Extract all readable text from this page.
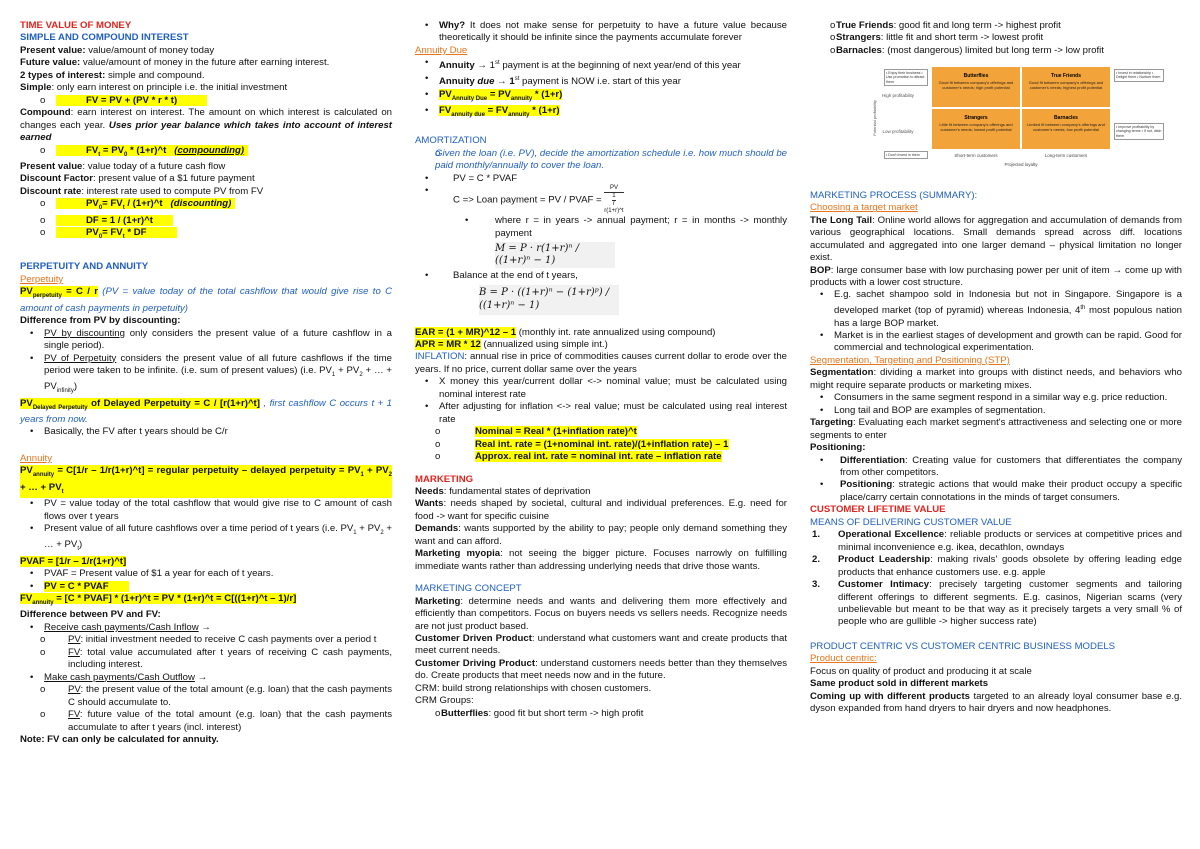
TIME VALUE OF MONEY

SIMPLE AND COMPOUND INTEREST

Present value: value/amount of money today

Future value: value/amount of money in the future after earning interest.

2 types of interest: simple and compound.

Simple: only earn interest on principle i.e. the initial investment

o FV = PV + (PV * r * t)

Compound: earn interest on interest. The amount on which interest is calculated on changes each year. Uses prior year balance which takes into account of interest earned

o $FV_t = PV_0$ * (1+r)^t (compounding)

Present value: value today of a future cash flow

Discount Factor: present value of a $1 future payment

Discount rate: interest rate used to compute PV from FV

o $PV_0= FV_t$ / (1+r)^t (discounting)

o DF = 1 / (1+r)^t

o $PV_0= FV_t$ * DF

PERPETUITY AND ANNUITY

Perpetuity

$PV_{perpetuity} = C / r$ (PV = value today of the total cashflow that would give rise to C amount of cash payments in perpetuity)

Difference from PV by discounting:

• PV by discounting only considers the present value of a future cashflow in a single period).

• PV of Perpetuity considers the present value of all future cashflows if the time period were taken to be infinite. (i.e. sum of present values) (i.e. $PV_1 + PV_2$ + … + $PV_{infinity}$)

$PV_{Delayed Perpetuity}$ of Delayed Perpetuity = C / [r(1+r)^t] , first cashflow C occurs t + 1 years from now.

• Basically, the FV after t years should be C/r

Annuity

$PV_{annuity} = C[1/r$ – 1/r(1+r)^t] = regular perpetuity – delayed perpetuity = $PV_1 + PV_2$ + … + $PV_t$

• PV = value today of the total cashflow that would give rise to C amount of cash flows over t years

• Present value of all future cashflows over a time period of t years (i.e. $PV_1 + PV_2$ + … + $PV_t$)

PVAF = [1/r – 1/r(1+r)^t]

• PVAF = Present value of $1 a year for each of t years.

• PV = C * PVAF

$FV_{annuity} = [C$ * PVAF] * (1+r)^t = PV * (1+r)^t = C[((1+r)^t – 1)/r]

Difference between PV and FV:

• Receive cash payments/Cash Inflow →

o PV: initial investment needed to receive C cash payments over a period t

o FV: total value accumulated after t years of receiving C cash payments, including interest.

• Make cash payments/Cash Outflow →

o PV: the present value of the total amount (e.g. loan) that the cash payments C should accumulate to.

o FV: future value of the total amount (e.g. loan) that the cash payments accumulate to after t years (incl. interest)

Note: FV can only be calculated for annuity.

• Why? It does not make sense for perpetuity to have a future value because theoretically it should be infinite since the payments accumulate forever

Annuity Due

• Annuity → 1st payment is at the beginning of next year/end of this year

• Annuity due → 1st payment is NOW i.e. start of this year

• $PV_{Annuity Due} = PV_{annuity} * (1+r)$

• $FV_{annuity due} = FV_{annuity} * (1+r)$

AMORTIZATION

o Given the loan (i.e. PV), decide the amortization schedule i.e. how much should be paid monthly/annually to cover the loan.

• PV = C * PVAF

• C => Loan payment = PV / PVAF = PV
1
r
r(1+r)^t

• where r = in years -> annual payment; r = in months -> monthly payment

M = P · r(1+r)ⁿ / ((1+r)ⁿ − 1)

• Balance at the end of t years,

B = P · ((1+r)ⁿ − (1+r)ᵖ) / ((1+r)ⁿ − 1)

EAR = (1 + MR)^12 – 1 (monthly int. rate annualized using compound)

APR = MR * 12 (annualized using simple int.)

INFLATION: annual rise in price of commodities causes current dollar to erode over the years. If no price, current dollar same over the years

• X money this year/current dollar <-> nominal value; must be calculated using nominal interest rate

• After adjusting for inflation <-> real value; must be calculated using real interest rate

o Nominal = Real * (1+inflation rate)^t

o Real int. rate = (1+nominal int. rate)/(1+inflation rate) – 1

o Approx. real int. rate = nominal int. rate – inflation rate

MARKETING

Needs: fundamental states of deprivation

Wants: needs shaped by societal, cultural and individual preferences. E.g. need for food -> want for specific cuisine

Demands: wants supported by the ability to pay; people only demand something they want and can afford.

Marketing myopia: not seeing the bigger picture. Focuses narrowly on fulfilling immediate wants rather than addressing underlying needs that drive those wants.

MARKETING CONCEPT

Marketing: determine needs and wants and delivering them more effectively and efficiently than competitors. Focus on buyers needs vs sellers needs. Recognize needs are not just product based.

Customer Driven Product: understand what customers want and create products that meet current needs.

Customer Driving Product: understand customers needs better than they themselves do. Create products that meet needs now and in the future.

CRM: build strong relationships with chosen customers.

CRM Groups:

o Butterflies: good fit but short term -> high profit

o True Friends: good fit and long term -> highest profit

o Strangers: little fit and short term -> lowest profit

o Barnacles: (most dangerous) limited but long term -> low profit

Potential profitability
High profitability
Low profitability
Butterflies	True Friends
Strangers	Barnacles
Good fit between company's offerings and customer's needs; high profit potential
Good fit between company's offerings and customer's needs; highest profit potential
Little fit between company's offerings and customer's needs; lowest profit potential
Limited fit between company's offerings and customer's needs; low profit potential
• Enjoy their business • Use promotion to attract them
• Don't invest in them
• Invest in relationship • Delight them • Nurture them
• Improve profitability by changing terms • If not, ditch them
Short-term customers	Long-term customers
Projected loyalty

MARKETING PROCESS (SUMMARY):

Choosing a target market

The Long Tail: Online world allows for aggregation and accumulation of demands from various geographical locations. Small demands spread across diff. locations accumulated and aggregated into one larger demand – physical limitation no longer exist.

BOP: large consumer base with low purchasing power per unit of item → come up with products with a lower cost structure.

• E.g. sachet shampoo sold in Indonesia but not in Singapore. Singapore is a developed market (top of pyramid) whereas Indonesia, 4th most populous nation has a large BOP market.

• Market is in the earliest stages of development and growth can be rapid. Good for commercial and technological experimentation.

Segmentation, Targeting and Positioning (STP)

Segmentation: dividing a market into groups with distinct needs, and behaviors who might require separate products or marketing mixes.

• Consumers in the same segment respond in a similar way e.g. price reduction.

• Long tail and BOP are examples of segmentation.

Targeting: Evaluating each market segment's attractiveness and selecting one or more segments to enter

Positioning:

• Differentiation: Creating value for customers that differentiates the company from other competitors.

• Positioning: strategic actions that would make their product occupy a specific place/carry certain connotations in the minds of target consumers.

CUSTOMER LIFETIME VALUE

MEANS OF DELIVERING CUSTOMER VALUE

1. Operational Excellence: reliable products or services at competitive prices and minimal inconvenience e.g. ikea, decathlon, owndays

2. Product Leadership: making rivals' goods obsolete by offering leading edge products that enhance customers use. e.g. apple

3. Customer Intimacy: precisely targeting customer segments and tailoring different offerings to different segments. E.g. casinos, Nigerian scams (very unbelievable but meant to be that way as it precisely targets a very small % of people who are gullible -> higher success rate)

PRODUCT CENTRIC VS CUSTOMER CENTRIC BUSINESS MODELS

Product centric:

Focus on quality of product and producing it at scale

Same product sold in different markets

Coming up with different products targeted to an already loyal consumer base e.g. dyson expanded from hand dryers to hair dryers and now headphones.
